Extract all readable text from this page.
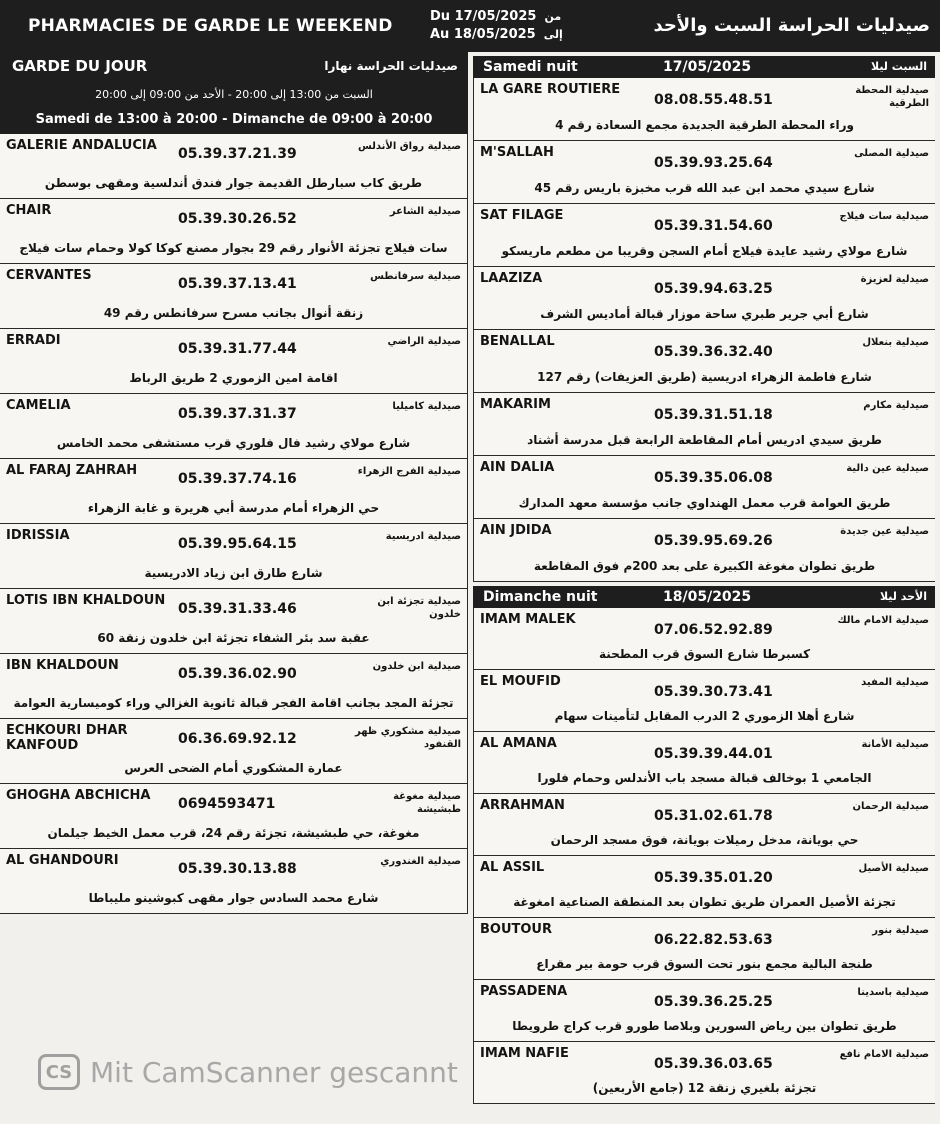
PHARMACIES DE GARDE LE WEEKEND	Du 17/05/2025 من
Au 18/05/2025 إلى	صيدليات الحراسة السبت والأحد
GARDE DU JOUR	صيدليات الحراسة نهارا
السبت من 13:00 إلى 20:00 - الأحد من 09:00 إلى 20:00
Samedi de 13:00 à 20:00 - Dimanche de 09:00 à 20:00
GALERIE ANDALUCIA
05.39.37.21.39	صيدلية رواق الأندلس
طريق كاب سبارطل القديمة جوار فندق أندلسية ومقهى بوسطن
CHAIR
05.39.30.26.52	صيدلية الشاعر
سات فيلاج تجزئة الأنوار رقم 29 بجوار مصنع كوكا كولا وحمام سات فيلاج
CERVANTES
05.39.37.13.41	صيدلية سرفانطس
زنقة أنوال بجانب مسرح سرفانطس رقم 49
ERRADI
05.39.31.77.44	صيدلية الراضي
اقامة امين الزموري 2 طريق الرباط
CAMELIA
05.39.37.31.37	صيدلية كاميليا
شارع مولاي رشيد فال فلوري قرب مستشفى محمد الخامس
AL FARAJ ZAHRAH
05.39.37.74.16	صيدلية الفرج الزهراء
حي الزهراء أمام مدرسة أبي هريرة و غابة الزهراء
IDRISSIA
05.39.95.64.15	صيدلية ادريسية
شارع طارق ابن زياد الادريسية
LOTIS IBN KHALDOUN
05.39.31.33.46	صيدلية تجزئة ابن خلدون
عقبة سد بئر الشفاء تجزئة ابن خلدون زنقة 60
IBN KHALDOUN
05.39.36.02.90	صيدلية ابن خلدون
تجزئة المجد بجانب اقامة الفجر قبالة ثانوية الغزالي وراء كوميسارية العوامة
ECHKOURI DHAR KANFOUD	06.36.69.92.12	صيدلية مشكوري ظهر القنفود
عمارة المشكوري أمام الضحى العرس
GHOGHA ABCHICHA
0694593471	صيدلية مغوغة طبشيشة
مغوغة، حي طبشيشة، تجزئة رقم 24، قرب معمل الخيط جيلمان
AL GHANDOURI
05.39.30.13.88	صيدلية الغندوري
شارع محمد السادس جوار مقهى كبوشينو مليباطا
Samedi nuit	17/05/2025	السبت ليلا
LA GARE ROUTIERE
08.08.55.48.51
صيدلية المحطة الطرقية
وراء المحطة الطرقية الجديدة مجمع السعادة رقم 4
M'SALLAH
05.39.93.25.64
صيدلية المصلى
شارع سيدي محمد ابن عبد الله قرب مخبزة باريس رقم 45
SAT FILAGE
05.39.31.54.60
صيدلية سات فيلاج
شارع مولاي رشيد عايدة فيلاج أمام السجن وقريبا من مطعم ماريسكو
LAAZIZA
05.39.94.63.25
صيدلية لعزيزة
شارع أبي جرير طبري ساحة موزار قبالة أماديس الشرف
BENALLAL
05.39.36.32.40
صيدلية بنعلال
شارع فاطمة الزهراء ادريسية (طريق العزيفات) رقم 127
MAKARIM
05.39.31.51.18
صيدلية مكارم
طريق سيدي ادريس أمام المقاطعة الرابعة قبل مدرسة أشناد
AIN DALIA
05.39.35.06.08
صيدلية عين دالية
طريق العوامة قرب معمل الهنداوي جانب مؤسسة معهد المدارك
AIN JDIDA
05.39.95.69.26
صيدلية عين جديدة
طريق تطوان مغوغة الكبيرة على بعد 200م فوق المقاطعة
Dimanche nuit	18/05/2025	الأحد ليلا
IMAM MALEK
07.06.52.92.89
صيدلية الامام مالك
كسبرطا شارع السوق قرب المطحنة
EL MOUFID
05.39.30.73.41
صيدلية المفيد
شارع أهلا الزموري 2 الدرب المقابل لتأمينات سهام
AL AMANA
05.39.39.44.01
صيدلية الأمانة
الجامعي 1 بوخالف قبالة مسجد باب الأندلس وحمام فلورا
ARRAHMAN
05.31.02.61.78
صيدلية الرحمان
حي بويانة، مدخل رميلات بويانة، فوق مسجد الرحمان
AL ASSIL
05.39.35.01.20
صيدلية الأصيل
تجزئة الأصيل العمران طريق تطوان بعد المنطقة الصناعية امغوغة
BOUTOUR
06.22.82.53.63
صيدلية بنور
طنجة البالية مجمع بنور تحت السوق قرب حومة بير مقراع
PASSADENA
05.39.36.25.25
صيدلية باسدينا
طريق تطوان بين رياض السورين وبلاصا طورو قرب كراج طرويطا
IMAM NAFIE
05.39.36.03.65
صيدلية الامام نافع
تجزئة بلغيري زنقة 12 (جامع الأربعين)
CS Mit CamScanner gescannt
